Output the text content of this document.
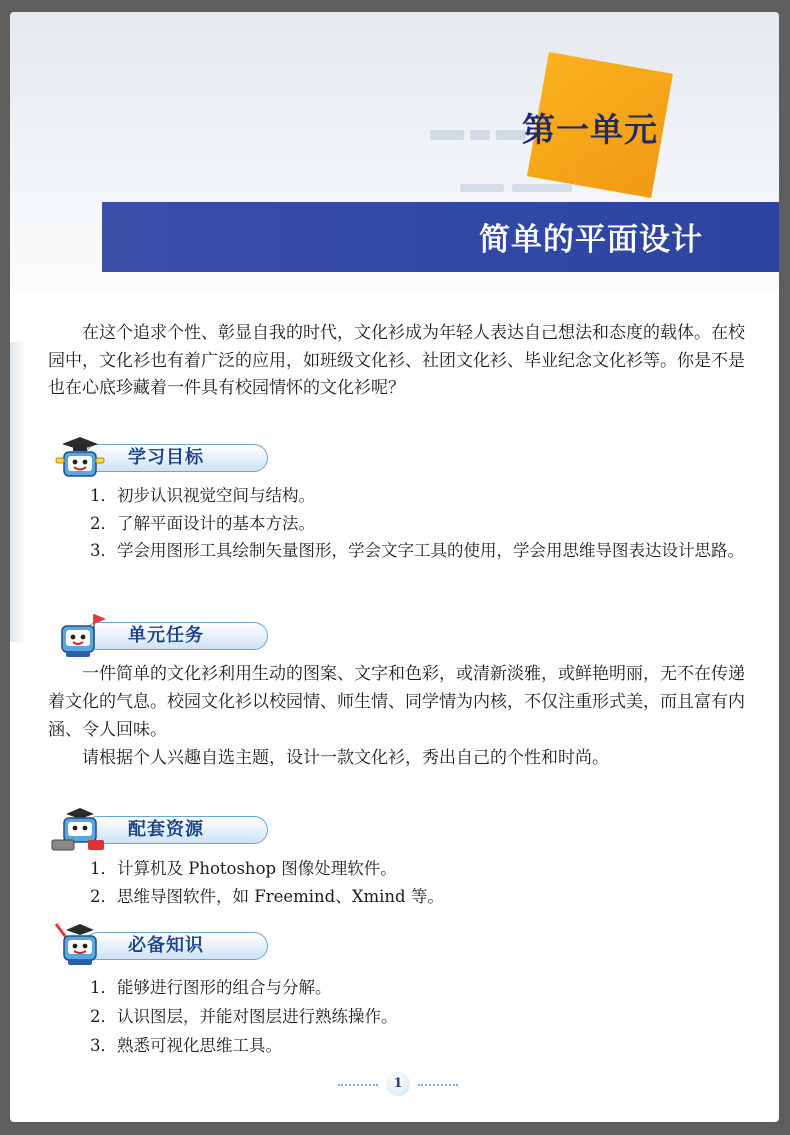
第一单元
简单的平面设计

在这个追求个性、彰显自我的时代，文化衫成为年轻人表达自己想法和态度的载体。在校园中，文化衫也有着广泛的应用，如班级文化衫、社团文化衫、毕业纪念文化衫等。你是不是也在心底珍藏着一件具有校园情怀的文化衫呢？

学习目标
1．初步认识视觉空间与结构。
2．了解平面设计的基本方法。
3．学会用图形工具绘制矢量图形，学会文字工具的使用，学会用思维导图表达设计思路。
单元任务

一件简单的文化衫利用生动的图案、文字和色彩，或清新淡雅，或鲜艳明丽，无不在传递着文化的气息。校园文化衫以校园情、师生情、同学情为内核，不仅注重形式美，而且富有内涵、令人回味。

请根据个人兴趣自选主题，设计一款文化衫，秀出自己的个性和时尚。

配套资源
1．计算机及 Photoshop 图像处理软件。
2．思维导图软件，如 Freemind、Xmind 等。
必备知识
1．能够进行图形的组合与分解。
2．认识图层，并能对图层进行熟练操作。
3．熟悉可视化思维工具。
1
